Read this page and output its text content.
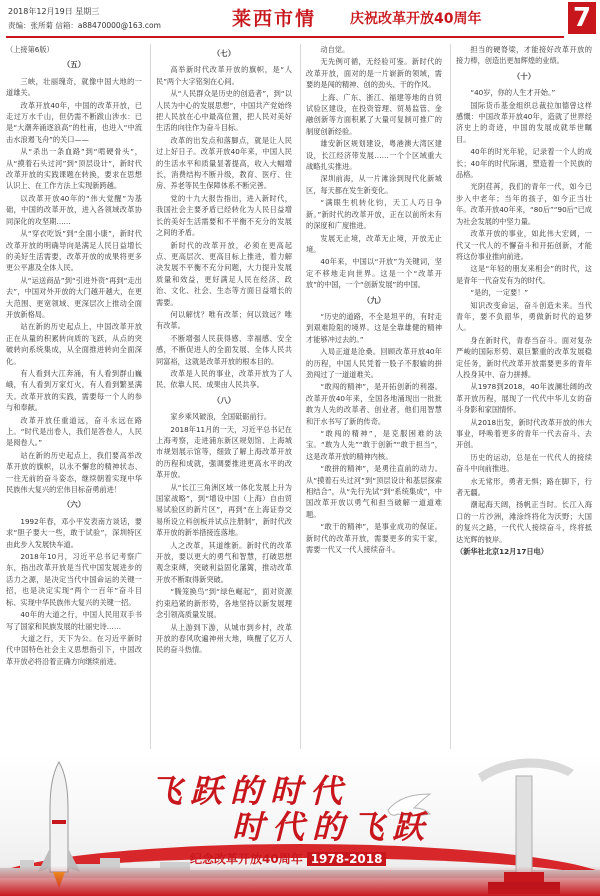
2018年12月19日 星期三
责编：张所菊 信箱：a88470000@163.com	莱西市情 庆祝改革开放40周年	7

（上接第6版）

（五）

三峡，壮丽瑰奇，就像中国大地的一道雄关。

改革开放40年，中国的改革开放，已走过万水千山，但仍需不断跋山涉水：已是“大潮奔涌逐浪高”的杜甫，也进入“中流击水浪遏飞舟”的关口——

从“杀出一条血路”到“啃硬骨头”，从“摸着石头过河”到“顶层设计”，新时代改革开放的实践课题在转换，要求在思想认识上、在工作方法上实现新跨越。

以改革开放40年的“伟大觉醒”为基础，中国的改革开放，进入各领域改革协同深化的攻坚期……

从“穿衣吃饭”到“全面小康”，新时代改革开放的明确导向是满足人民日益增长的美好生活需要，改革开放的成果将更多更公平惠及全体人民。

从“运送商品”到“引进外资”再到“走出去”，中国对外开放的大门越开越大，在更大范围、更宽领域、更深层次上推动全面开放新格局。

站在新的历史起点上，中国改革开放正在从量的积累转向质的飞跃，从点的突破转向系统集成，从全面推进转向全面深化。

有人看到大江奔涌，有人看到群山巍峨，有人看到万家灯火，有人看到繁星满天。改革开放的实践，需要每一个人的参与和奉献。

改革开放任重道远，奋斗永远在路上。“时代是出卷人，我们是答卷人，人民是阅卷人。”

站在新的历史起点上，我们要高举改革开放的旗帜，以永不懈怠的精神状态、一往无前的奋斗姿态，继续朝着实现中华民族伟大复兴的宏伟目标奋勇前进！

（六）

1992年春，邓小平发表南方谈话，要求“胆子要大一些，敢于试验”，深圳特区由此步入发展快车道。

2018年10月，习近平总书记考察广东，指出改革开放是当代中国发展进步的活力之源，是决定当代中国命运的关键一招，也是决定实现“两个一百年”奋斗目标、实现中华民族伟大复兴的关键一招。

40年的大道之行，中国人民用双手书写了国家和民族发展的壮丽史诗……

大道之行，天下为公。在习近平新时代中国特色社会主义思想指引下，中国改革开放必将沿着正确方向继续前进。

（七）

高举新时代改革开放的旗帜，是“人民”两个大字铭刻在心间。

从“人民群众是历史的创造者”，到“以人民为中心的发展思想”，中国共产党始终把人民放在心中最高位置，把人民对美好生活的向往作为奋斗目标。

改革的出发点和落脚点，就是让人民过上好日子。改革开放40年来，中国人民的生活水平和质量显著提高，收入大幅增长，消费结构不断升级，教育、医疗、住房、养老等民生保障体系不断完善。

党的十九大报告指出，进入新时代，我国社会主要矛盾已经转化为人民日益增长的美好生活需要和不平衡不充分的发展之间的矛盾。

新时代的改革开放，必须在更高起点、更高层次、更高目标上推进，着力解决发展不平衡不充分问题，大力提升发展质量和效益，更好满足人民在经济、政治、文化、社会、生态等方面日益增长的需要。

何以解忧？唯有改革；何以致远？唯有改革。

不断增强人民获得感、幸福感、安全感，不断促进人的全面发展、全体人民共同富裕，这就是改革开放的根本目的。

改革是人民的事业，改革开放为了人民、依靠人民、成果由人民共享。

（八）

家乡乘风破浪，全国砥砺前行。

2018年11月的一天，习近平总书记在上海考察，走进浦东新区规划馆、上海城市规划展示馆等，细致了解上海改革开放的历程和成就，强调要推进更高水平的改革开放。

从“长江三角洲区域一体化发展上升为国家战略”，到“增设中国（上海）自由贸易试验区的新片区”，再到“在上海证券交易所设立科创板并试点注册制”，新时代改革开放的新举措接连落地。

人之改革，其道维新。新时代的改革开放，要以更大的勇气和智慧，打破思想观念束缚，突破利益固化藩篱，推动改革开放不断取得新突破。

“腾笼换鸟”到“绿色崛起”，面对资源约束趋紧的新形势，各地坚持以新发展理念引领高质量发展。

从上游到下游，从城市到乡村，改革开放的春风吹遍神州大地，唤醒了亿万人民的奋斗热情。

动自觉。

无先例可循，无经验可鉴。新时代的改革开放，面对的是一片崭新的领域，需要的是闯的精神、创的劲头、干的作风。

上海、广东、浙江、福建等地的自贸试验区建设，在投资管理、贸易监管、金融创新等方面积累了大量可复制可推广的制度创新经验。

雄安新区规划建设，粤港澳大湾区建设，长江经济带发展……一个个区域重大战略扎实推进。

深圳前海，从一片滩涂到现代化新城区，每天都在发生新变化。

“满眼生机转化钧，天工人巧日争新。”新时代的改革开放，正在以前所未有的深度和广度推进。

发展无止境，改革无止境，开放无止境。

40年来，中国以“开放”为关键词，坚定不移地走向世界。这是一个“改革开放”的中国，一个“创新发展”的中国。

（九）

“历史的道路，不全是坦平的，有时走到艰难险阻的境界。这是全靠雄健的精神才能够冲过去的。”

入局正道是沧桑。回顾改革开放40年的历程，中国人民凭着一股子不服输的拼劲闯过了一道道难关。

“敢闯的精神”，是开拓创新的利器。改革开放40年来，全国各地涌现出一批批敢为人先的改革者、创业者，他们用智慧和汗水书写了新的传奇。

“敢闯的精神”，是克服困难的法宝。“敢为人先”“敢于创新”“敢于担当”，这是改革开放的精神内核。

“敢拼的精神”，是勇往直前的动力。从“摸着石头过河”到“顶层设计和基层探索相结合”，从“先行先试”到“系统集成”，中国改革开放以勇气和担当破解一道道难题。

“敢干的精神”，是事业成功的保证。新时代的改革开放，需要更多的实干家，需要一代又一代人接续奋斗。

担当的硬脊梁，才能接好改革开放的接力棒，创造出更加辉煌的业绩。

（十）

“40岁，你的人生才开始。”

国际货币基金组织总裁拉加德曾这样感慨：中国改革开放40年，造就了世界经济史上的奇迹，中国的发展成就举世瞩目。

40年的时光年轮，记录着一个人的成长；40年的时代际遇，塑造着一个民族的品格。

光阴荏苒，我们的青年一代，如今已步入中老年；当年的孩子，如今正当壮年。改革开放40年来，“80后”“90后”已成为社会发展的中坚力量。

改革开放的事业，如此伟大宏阔，一代又一代人的不懈奋斗和开拓创新，才能将这份事业推向前进。

这是“年轻的朋友来相会”的时代，这是青年一代奋发有为的时代。

“是的，一定要！”

知识改变命运，奋斗创造未来。当代青年，要不负韶华，勇做新时代的追梦人。

身在新时代，青春当奋斗。面对复杂严峻的国际形势、艰巨繁重的改革发展稳定任务，新时代改革开放需要更多的青年人投身其中、奋力拼搏。

从1978到2018，40年波澜壮阔的改革开放历程，展现了一代代中华儿女的奋斗身影和家国情怀。

从2018出发，新时代改革开放的伟大事业，呼唤着更多的青年一代去奋斗、去开创。

历史的运动，总是在一代代人的接续奋斗中向前推进。

水无常形，勇者无惧；路在脚下，行者无疆。

潮起海天阔，扬帆正当时。长江入海口的一片沙洲，滩涂终将化为沃野；大国的复兴之路，一代代人接续奋斗，终将抵达光辉的彼岸。

（新华社北京12月17日电）

飞跃的时代
时代的飞跃
纪念改革开放40周年 1978-2018
